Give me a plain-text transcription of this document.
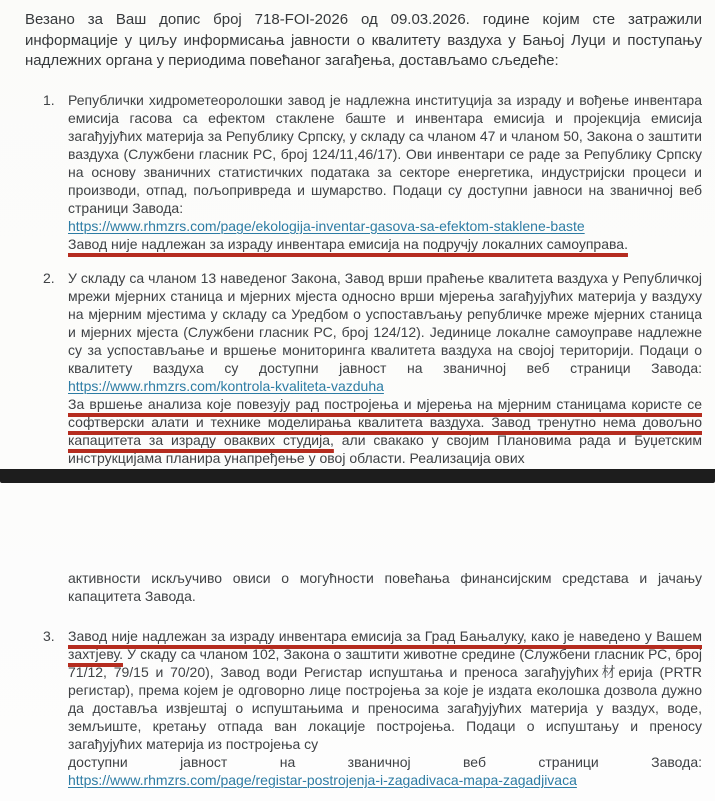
Везано за Ваш допис број 718-FOI-2026 од 09.03.2026. године којим сте затражили информације у циљу информисања јавности о квалитету ваздуха у Бањој Луци и поступању надлежних органа у периодима повећаног загађења, достављамо сљедеће:

1. Републички хидрометеоролошки завод је надлежна институција за израду и вођење инвентара емисија гасова са ефектом стаклене баште и инвентара емисија и пројекција емисија загађујућих материја за Републику Српску, у складу са чланом 47 и чланом 50, Закона о заштити ваздуха (Службени гласник РС, број 124/11,46/17). Ови инвентари се раде за Републику Српску на основу званичних статистичких података за секторе енергетика, индустријски процеси и производи, отпад, пољопривреда и шумарство. Подаци су доступни јавноси на званичној веб страници Завода:
https://www.rhmzrs.com/page/ekologija-inventar-gasova-sa-efektom-staklene-baste
Завод није надлежан за израду инвентара емисија на подручју локалних самоуправа.
2. У складу са чланом 13 наведеног Закона, Завод врши праћење квалитета ваздуха у Републичкој мрежи мјерних станица и мјерних мјеста односно врши мјерења загађујућих материја у ваздуху на мјерним мјестима у складу са Уредбом о успостављању републичке мреже мјерних станица и мјерних мјеста (Службени гласник РС, број 124/12). Јединице локалне самоуправе надлежне су за успостављање и вршење мониторинга квалитета ваздуха на својој територији. Подаци о квалитету ваздуха су доступни јавност на званичној веб страници Завода: https://www.rhmzrs.com/kontrola-kvaliteta-vazduha
За вршење анализа које повезују рад постројења и мјерења на мјерним станицама користе се софтверски алати и технике моделирања квалитета ваздуха. Завод тренутно нема довољно капацитета за израду оваквих студија, али свакако у својим Плановима рада и Буџетским инструкцијама планира унапређење у овој области. Реализација ових

активности искључиво овиси о могућности повећања финансијским средстава и јачању капацитета Завода.

3. Завод није надлежан за израду инвентара емисија за Град Бањалуку, како је наведено у Вашем захтјеву. У скаду са чланом 102, Закона о заштити животне средине (Службени гласник РС, број 71/12, 79/15 и 70/20), Завод води Регистар испуштања и преноса загађујућих材ерија (PRTR регистар), према којем је одговорно лице постројења за које је издата еколошка дозвола дужно да доставља извјештај о испуштањима и преносима загађујућих материја у ваздух, воде, земљиште, кретању отпада ван локације постројења. Подаци о испуштању и преносу загађујућих материја из постројења су
доступни јавност на званичној веб страници Завода:
https://www.rhmzrs.com/page/registar-postrojenja-i-zagadivaca-mapa-zagadjivaca
